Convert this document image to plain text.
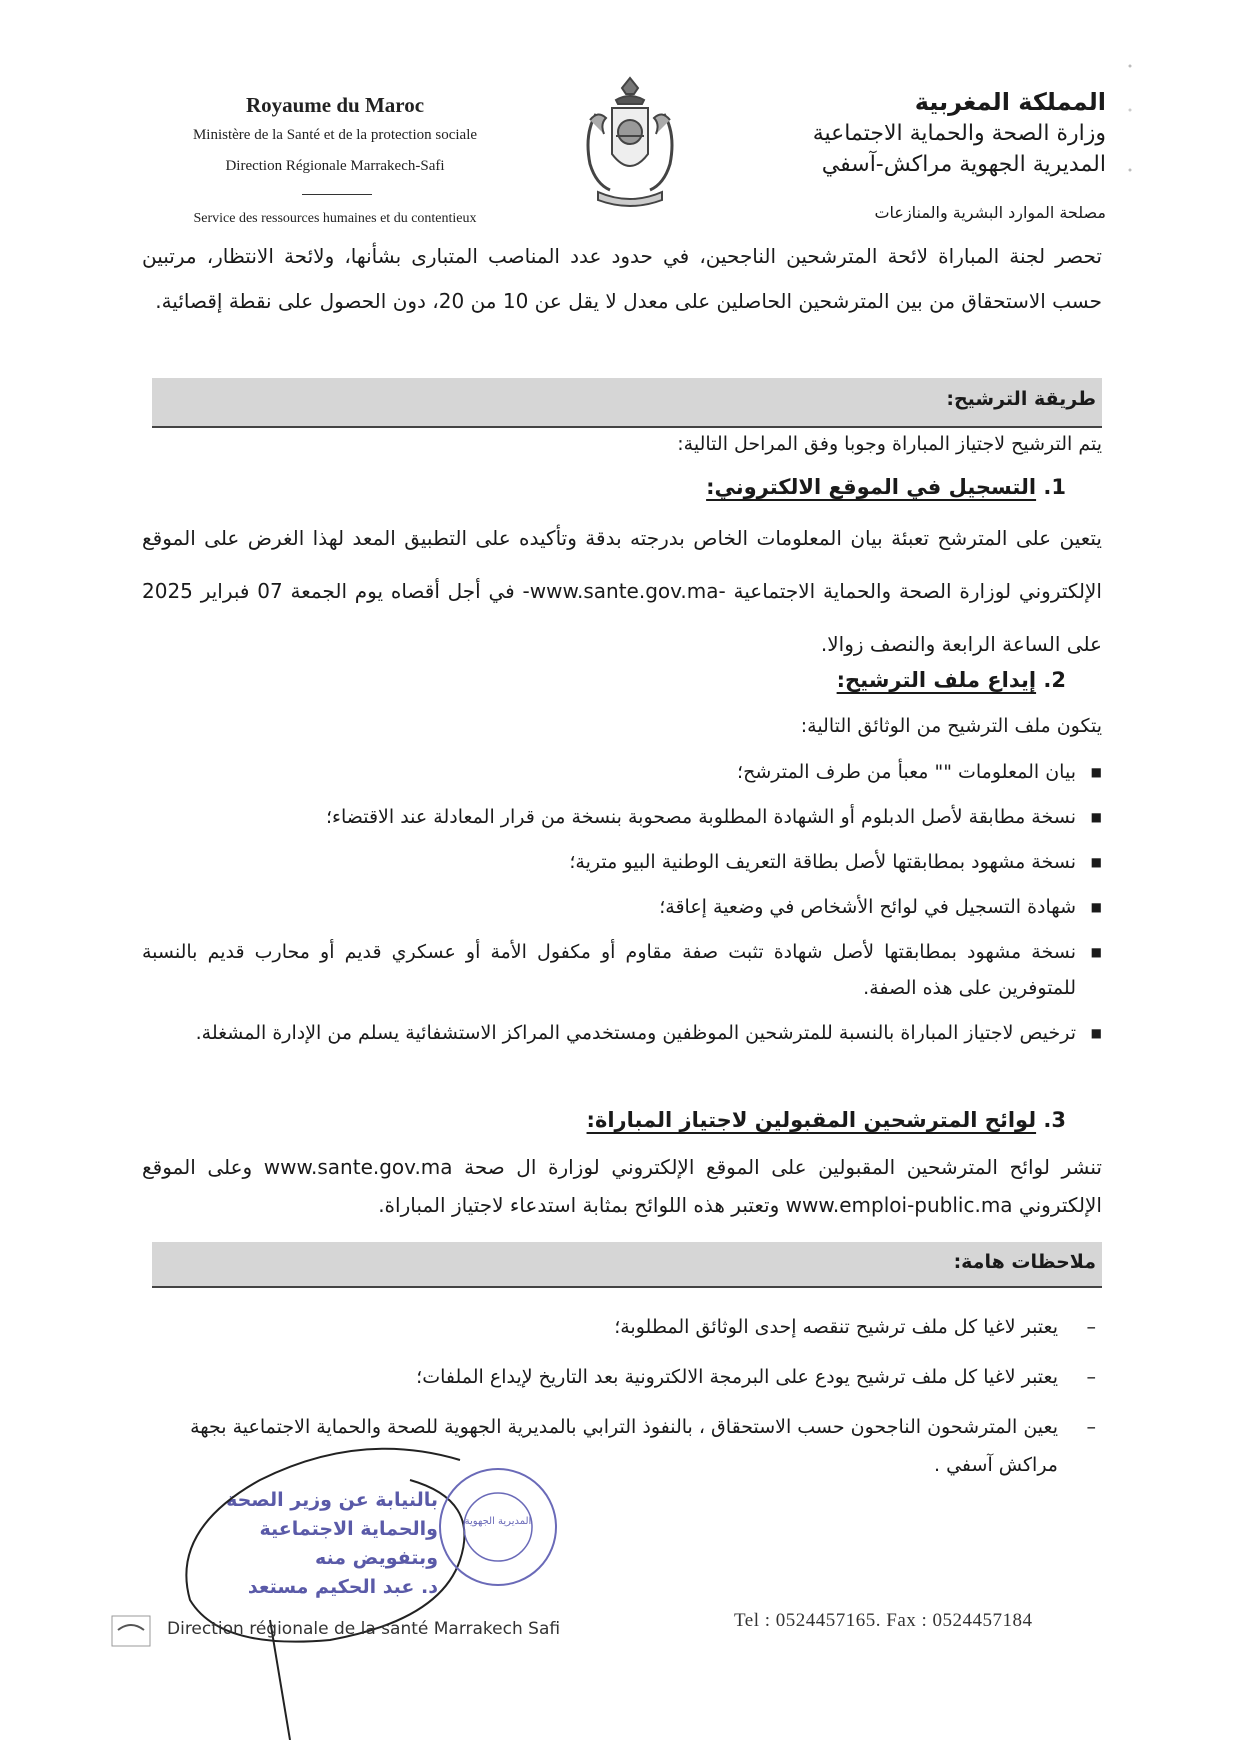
Royaume du Maroc
Ministère de la Santé et de la protection sociale
Direction Régionale Marrakech-Safi
Service des ressources humaines et du contentieux
المملكة المغربية
وزارة الصحة والحماية الاجتماعية
المديرية الجهوية مراكش-آسفي
مصلحة الموارد البشرية والمنازعات
تحصر لجنة المباراة لائحة المترشحين الناجحين، في حدود عدد المناصب المتبارى بشأنها، ولائحة الانتظار، مرتبين حسب الاستحقاق من بين المترشحين الحاصلين على معدل لا يقل عن 10 من 20، دون الحصول على نقطة إقصائية.
طريقة الترشيح:
يتم الترشيح لاجتياز المباراة وجوبا وفق المراحل التالية:
1. التسجيل في الموقع الالكتروني:
يتعين على المترشح تعبئة بيان المعلومات الخاص بدرجته بدقة وتأكيده على التطبيق المعد لهذا الغرض على الموقع الإلكتروني لوزارة الصحة والحماية الاجتماعية -www.sante.gov.ma- في أجل أقصاه يوم الجمعة 07 فبراير 2025 على الساعة الرابعة والنصف زوالا.
2. إيداع ملف الترشيح:
يتكون ملف الترشيح من الوثائق التالية:
■ بيان المعلومات "" معبأ من طرف المترشح؛
■ نسخة مطابقة لأصل الدبلوم أو الشهادة المطلوبة مصحوبة بنسخة من قرار المعادلة عند الاقتضاء؛
■ نسخة مشهود بمطابقتها لأصل بطاقة التعريف الوطنية البيو مترية؛
■ شهادة التسجيل في لوائح الأشخاص في وضعية إعاقة؛
■ نسخة مشهود بمطابقتها لأصل شهادة تثبت صفة مقاوم أو مكفول الأمة أو عسكري قديم أو محارب قديم بالنسبة للمتوفرين على هذه الصفة.
■ ترخيص لاجتياز المباراة بالنسبة للمترشحين الموظفين ومستخدمي المراكز الاستشفائية يسلم من الإدارة المشغلة.
3. لوائح المترشحين المقبولين لاجتياز المباراة:
تنشر لوائح المترشحين المقبولين على الموقع الإلكتروني لوزارة ال صحة www.sante.gov.ma وعلى الموقع الإلكتروني www.emploi-public.ma وتعتبر هذه اللوائح بمثابة استدعاء لاجتياز المباراة.
ملاحظات هامة:
– يعتبر لاغيا كل ملف ترشيح تنقصه إحدى الوثائق المطلوبة؛
– يعتبر لاغيا كل ملف ترشيح يودع على البرمجة الالكترونية بعد التاريخ لإيداع الملفات؛
– يعين المترشحون الناجحون حسب الاستحقاق ، بالنفوذ الترابي بالمديرية الجهوية للصحة والحماية الاجتماعية بجهة مراكش آسفي .
بالنيابة عن وزير الصحة
والحماية الاجتماعية
وبتفويض منه
د. عبد الحكيم مستعد
المديرية الجهوية
Direction régionale de la santé Marrakech Safi	Tel : 0524457165. Fax : 0524457184
